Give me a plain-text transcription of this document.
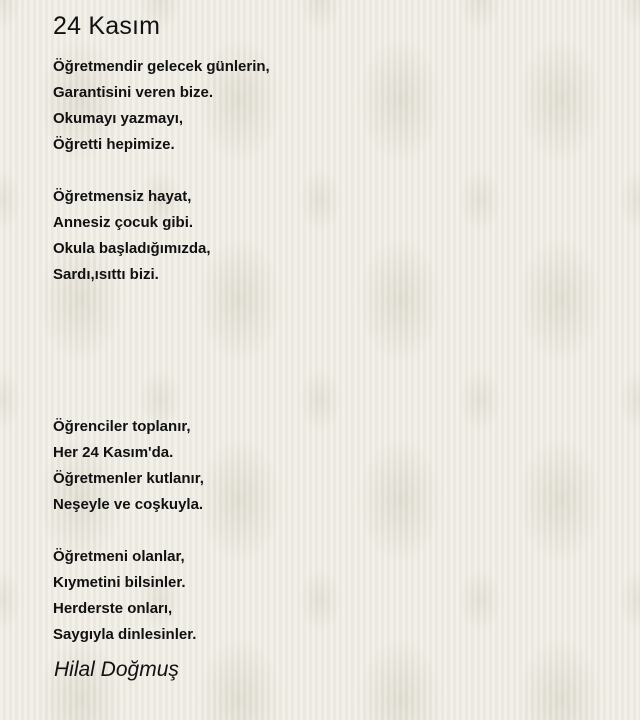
24 Kasım
Öğretmendir gelecek günlerin,
Garantisini veren bize.
Okumayı yazmayı,
Öğretti hepimize.
Öğretmensiz hayat,
Annesiz çocuk gibi.
Okula başladığımızda,
Sardı,ısıttı bizi.
Öğrenciler toplanır,
Her 24 Kasım'da.
Öğretmenler kutlanır,
Neşeyle ve coşkuyla.
Öğretmeni olanlar,
Kıymetini bilsinler.
Herderste onları,
Saygıyla dinlesinler.
Hilal Doğmuş
